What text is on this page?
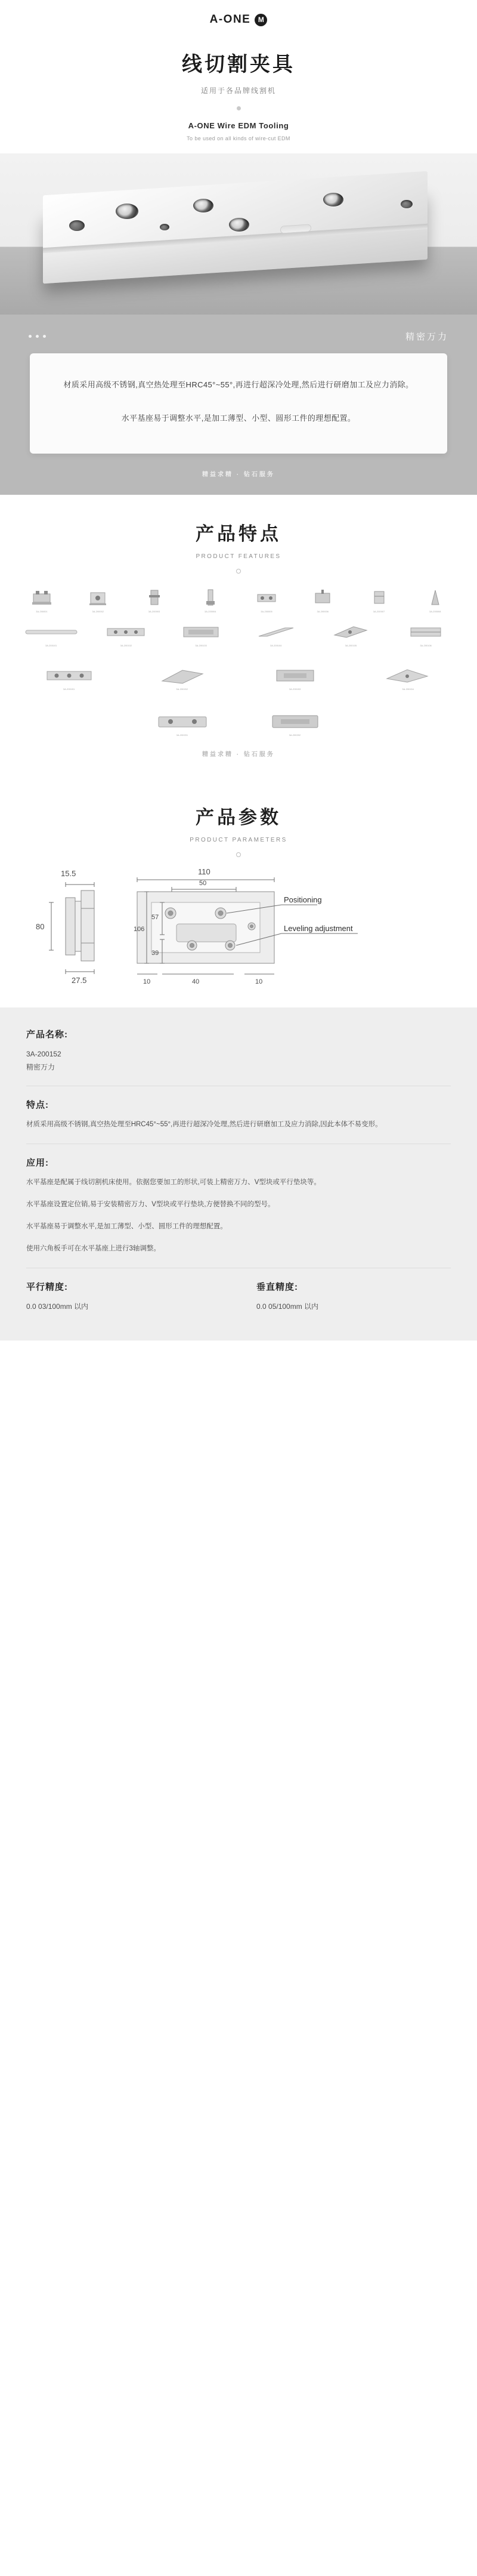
A-ONE	M
线切割夹具
适用于各品牌线割机
A-ONE Wire EDM Tooling
To be used on all kinds of wire-cut EDM
精密万力

材质采用高级不锈钢,真空热处理至HRC45°~55°,再进行超深冷处理,然后进行研磨加工及应力消除。

水平基座易于调整水平,是加工薄型、小型、圆形工件的理想配置。

精益求精 · 钻石服务
产品特点
PRODUCT FEATURES
3A-200001	3A-200002	3A-200003	3A-200004	3A-200005	3A-200006	3A-200007	3A-200008
3A-200101	3A-200102	3A-200103	3A-200104	3A-200105	3A-200106
3A-200151	3A-200152	3A-200153	3A-200154
3A-200201	3A-200202
精益求精 · 钻石服务
产品参数
PRODUCT PARAMETERS
15.5
80
27.5
110
50
106
57
39
10	40	10
Positioning
Leveling adjustment
产品名称:
3A-200152
精密万力
特点:

材质采用高级不锈钢,真空热处理至HRC45°~55°,再进行超深冷处理,然后进行研磨加工及应力消除,因此本体不易变形。

应用:

水平基座是配属于线切割机床使用。依据您要加工的形状,可装上精密万力、V型块或平行垫块等。

水平基座设置定位销,易于安装精密万力、V型块或平行垫块,方便替换不同的型号。

水平基座易于调整水平,是加工薄型、小型、圆形工件的理想配置。

使用六角板手可在水平基座上进行3轴调整。

平行精度:
0.0 03/100mm 以内
垂直精度:
0.0 05/100mm 以内
